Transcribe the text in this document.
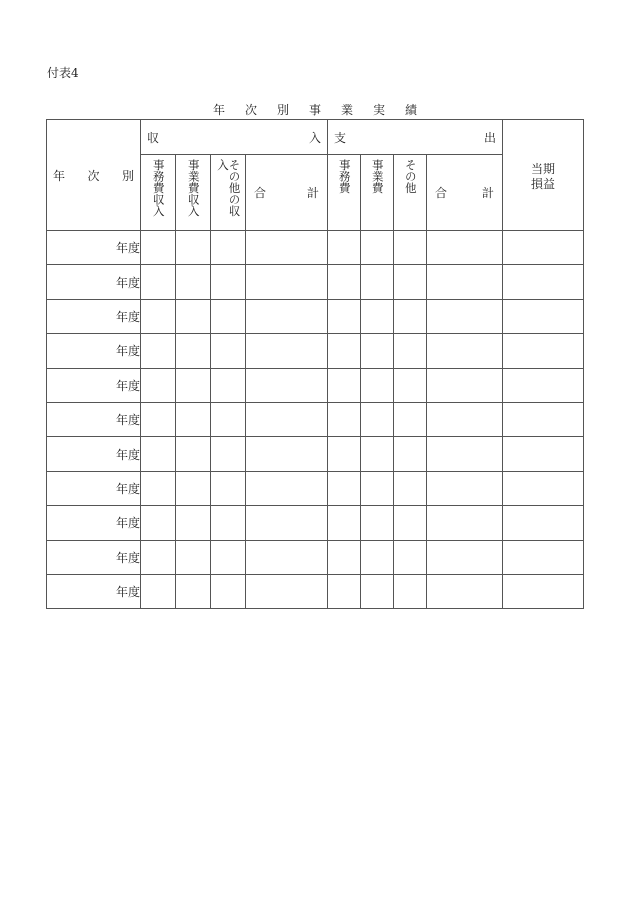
付表4
年 次 別 事 業 実 績
年 次 別	収 入				支 出				当期
損益

	事務費収入	事業費収入	その他の収入	合 計	事務費	事業費	その他	合 計	

年度									
年度									
年度									
年度									
年度									
年度									
年度									
年度									
年度									
年度									
年度									
